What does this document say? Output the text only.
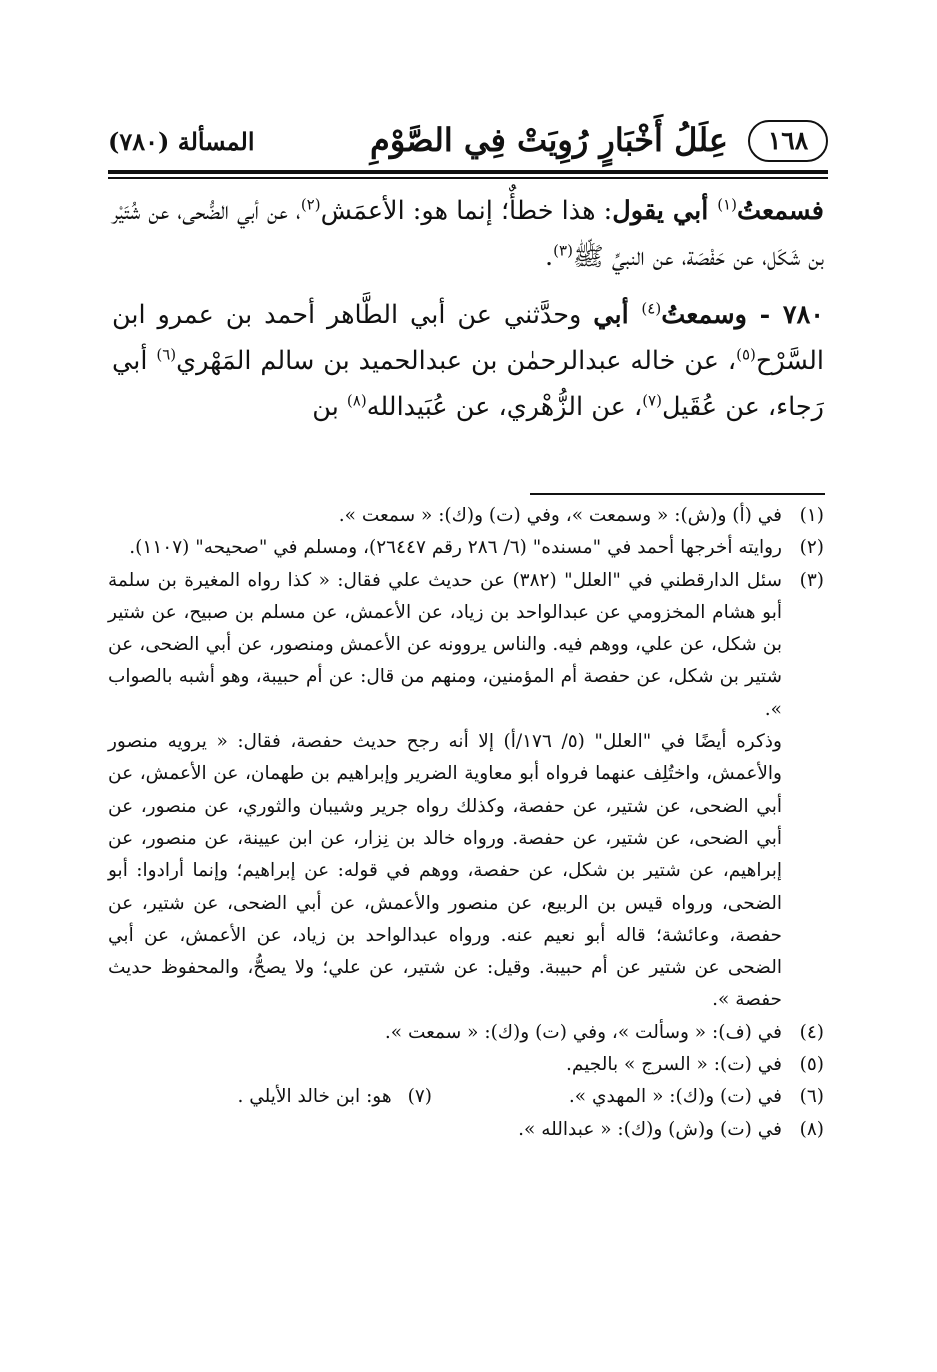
١٦٨
عِلَلُ أَخْبَارٍ رُوِيَتْ فِي الصَّوْمِ
المسألة (٧٨٠)

فسمعتُ$^{(١)}$ أبي يقول: هذا خطأٌ؛ إنما هو: الأعمَش$^{(٢)}$، عن أبي الضُّحى، عن شُتَيْر بن شَكَل، عن حَفْصَة، عن النبيِّ ﷺ$^{(٣)}$.

٧٨٠ - وسمعتُ$^{(٤)}$ أبي وحدَّثني عن أبي الطَّاهر أحمد بن عمرو ابن السَّرْح$^{(٥)}$، عن خاله عبدالرحمٰن بن عبدالحميد بن سالم المَهْري$^{(٦)}$ أبي رَجاء، عن عُقَيل$^{(٧)}$، عن الزُّهْري، عن عُبَيدالله$^{(٨)}$ بن

(١)
في (أ) و(ش): « وسمعت »، وفي (ت) و(ك): « سمعت ».
(٢)
روايته أخرجها أحمد في "مسنده" (٦/ ٢٨٦ رقم ٢٦٤٤٧)، ومسلم في "صحيحه" (١١٠٧).
(٣)
سئل الدارقطني في "العلل" (٣٨٢) عن حديث علي فقال: « كذا رواه المغيرة بن سلمة أبو هشام المخزومي عن عبدالواحد بن زياد، عن الأعمش، عن مسلم بن صبيح، عن شتير بن شكل، عن علي، ووهم فيه. والناس يروونه عن الأعمش ومنصور، عن أبي الضحى، عن شتير بن شكل، عن حفصة أم المؤمنين، ومنهم من قال: عن أم حبيبة، وهو أشبه بالصواب ».
وذكره أيضًا في "العلل" (٥/ ١٧٦/أ) إلا أنه رجح حديث حفصة، فقال: « يرويه منصور والأعمش، واختُلِف عنهما فرواه أبو معاوية الضرير وإبراهيم بن طهمان، عن الأعمش، عن أبي الضحى، عن شتير، عن حفصة، وكذلك رواه جرير وشيبان والثوري، عن منصور، عن أبي الضحى، عن شتير، عن حفصة. ورواه خالد بن نِزار، عن ابن عيينة، عن منصور، عن إبراهيم، عن شتير بن شكل، عن حفصة، ووهم في قوله: عن إبراهيم؛ وإنما أرادوا: أبو الضحى، ورواه قيس بن الربيع، عن منصور والأعمش، عن أبي الضحى، عن شتير، عن حفصة، وعائشة؛ قاله أبو نعيم عنه. ورواه عبدالواحد بن زياد، عن الأعمش، عن أبي الضحى عن شتير عن أم حبيبة. وقيل: عن شتير، عن علي؛ ولا يصحُّ، والمحفوظ حديث حفصة ».
(٤)
في (ف): « وسألت »، وفي (ت) و(ك): « سمعت ».
(٥)
في (ت): « السرج » بالجيم.
(٦)
في (ت) و(ك): « المهدي ».
(٧)هو: ابن خالد الأيلي .
(٨)
في (ت) و(ش) و(ك): « عبدالله ».
